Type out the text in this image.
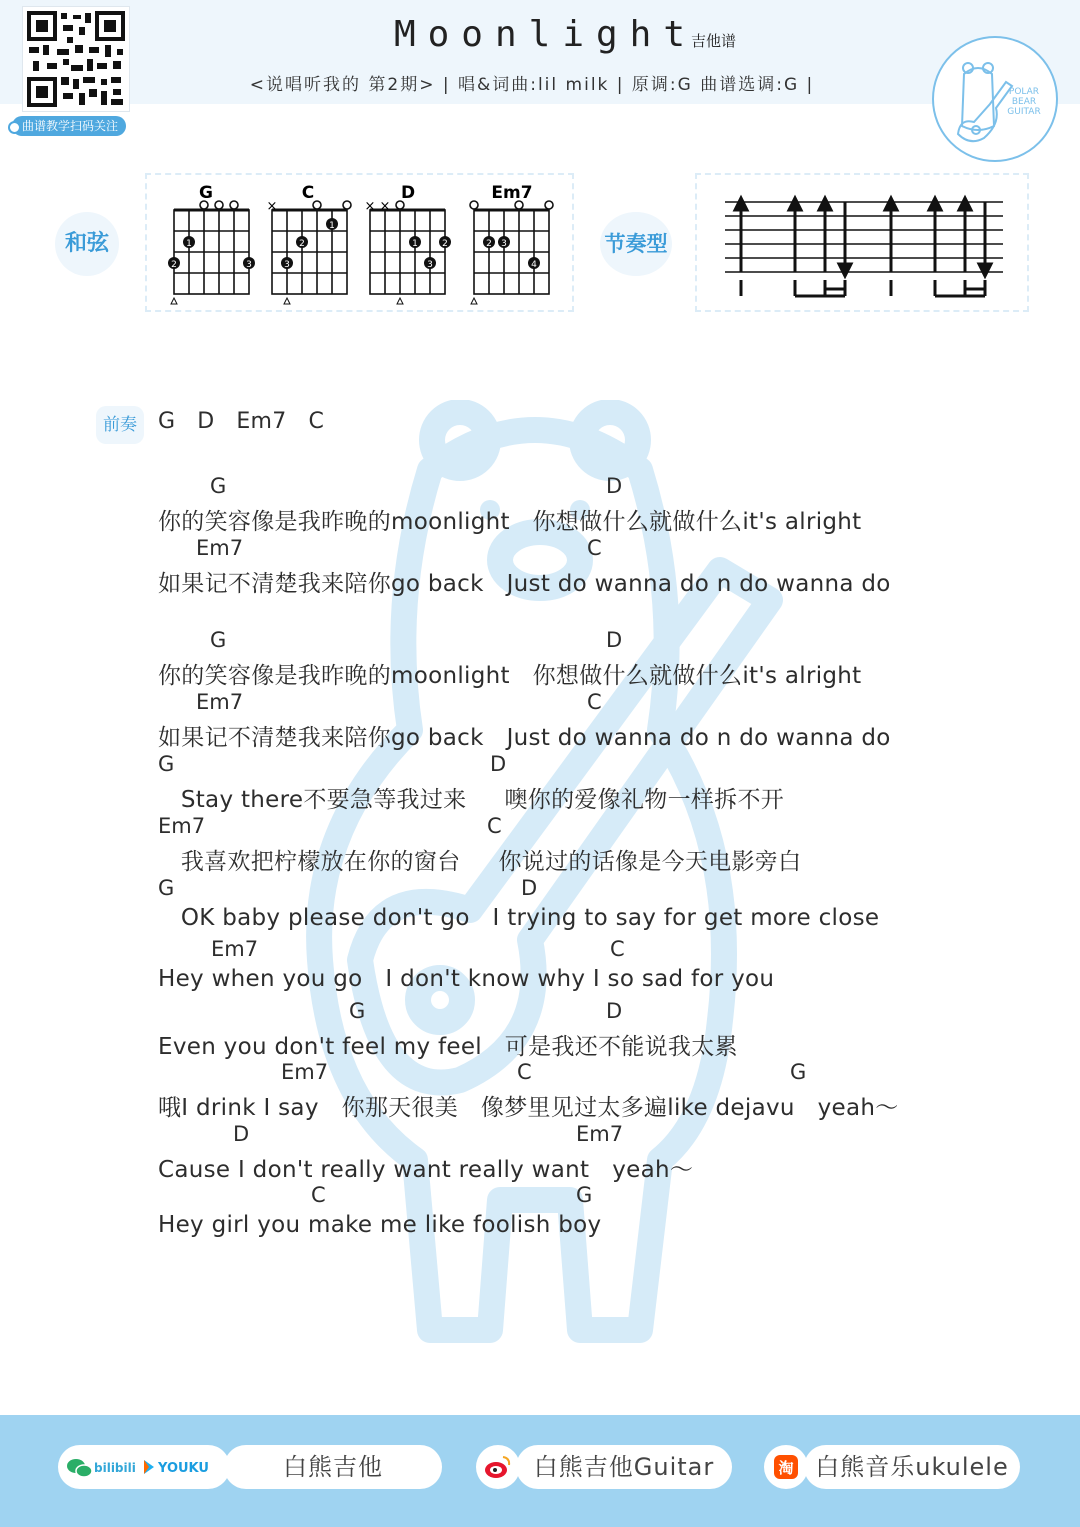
曲谱教学扫码关注
Moonlight吉他谱
<说唱听我的 第2期> | 唱&词曲:lil milk | 原调:G 曲谱选调:G |	POLAR
BEAR
GUITAR
和弦
G
1
2	3
C
×
1
2
3
D
× ×
1	2
3
Em7
2 3
4
节奏型
前奏 G   D   Em7   C
G	D
你的笑容像是我昨晚的moonlight   你想做什么就做什么it's alright
Em7	C
如果记不清楚我来陪你go back   Just do wanna do n do wanna do
G	D
你的笑容像是我昨晚的moonlight   你想做什么就做什么it's alright
Em7	C
如果记不清楚我来陪你go back   Just do wanna do n do wanna do
G	D
Stay there不要急等我过来     噢你的爱像礼物一样拆不开
Em7	C
我喜欢把柠檬放在你的窗台     你说过的话像是今天电影旁白
G	D
OK baby please don't go   I trying to say for get more close
Em7	C
Hey when you go   I don't know why I so sad for you
G	D
Even you don't feel my feel   可是我还不能说我太累
Em7	C	G
哦I drink I say   你那天很美   像梦里见过太多遍like dejavu   yeah～
D	Em7
Cause I don't really want really want   yeah～
C	G
Hey girl you make me like foolish boy
bilibili YOUKU	白熊吉他	白熊吉他Guitar	淘 白熊音乐ukulele
